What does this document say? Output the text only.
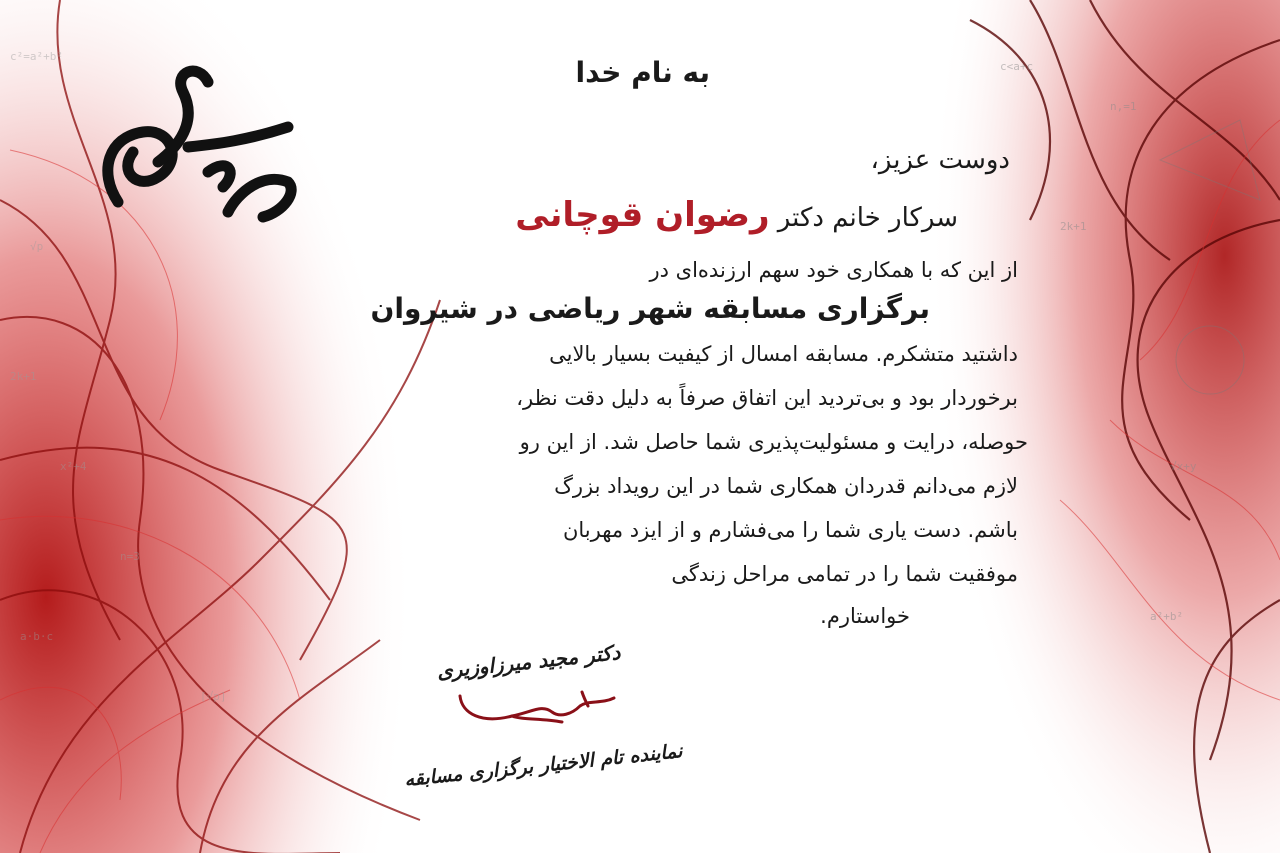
c²=a²+b²
√p
2k+1
x²+4
n=3
a·b·c
[√p]
c<a+c
n,=1
2k+1
√x+y
a²+b²
به نام خدا
دوست عزیز،
سرکار خانم دکتر رضوان قوچانی
از این که با همکاری خود سهم ارزنده‌ای در
برگزاری مسابقه شهر ریاضی در شیروان
داشتید متشکرم. مسابقه امسال از کیفیت بسیار بالایی
برخوردار بود و بی‌تردید این اتفاق صرفاً به دلیل دقت نظر،
حوصله، درایت و مسئولیت‌پذیری شما حاصل شد. از این رو
لازم می‌دانم قدردان همکاری شما در این رویداد بزرگ
باشم. دست یاری شما را می‌فشارم و از ایزد مهربان
موفقیت شما را در تمامی مراحل زندگی
خواستارم.
دکتر مجید میرزاوزیری
نماینده تام الاختیار برگزاری مسابقه
